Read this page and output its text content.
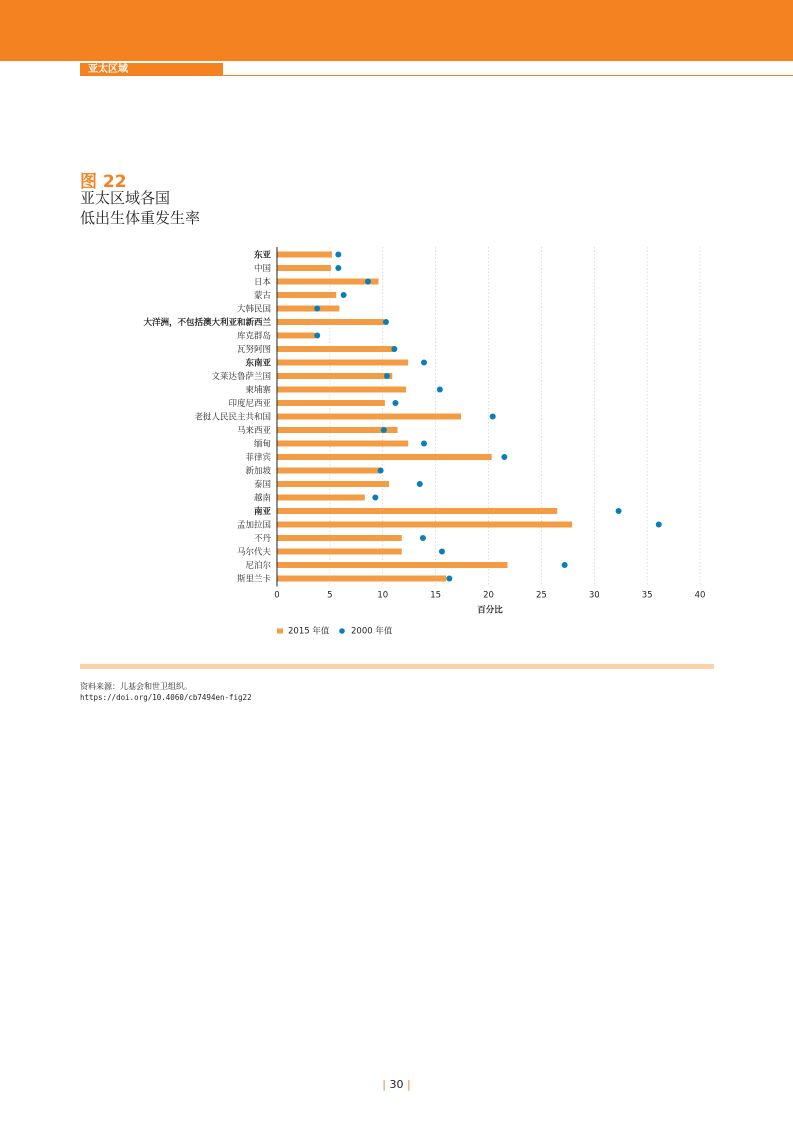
亚太区域
图 22
亚太区域各国
低出生体重发生率
东亚
中国
日本
蒙古
大韩民国
大洋洲，不包括澳大利亚和新西兰
库克群岛
瓦努阿图
东南亚
文莱达鲁萨兰国
柬埔寨
印度尼西亚
老挝人民民主共和国
马来西亚
缅甸
菲律宾
新加坡
泰国
越南
南亚
孟加拉国
不丹
马尔代夫
尼泊尔
斯里兰卡
0	5	10	15	20	25	30	35	40
百分比
2015 年值	2000 年值
资料来源：儿基会和世卫组织。
https://doi.org/10.4060/cb7494en-fig22
| 30 |
